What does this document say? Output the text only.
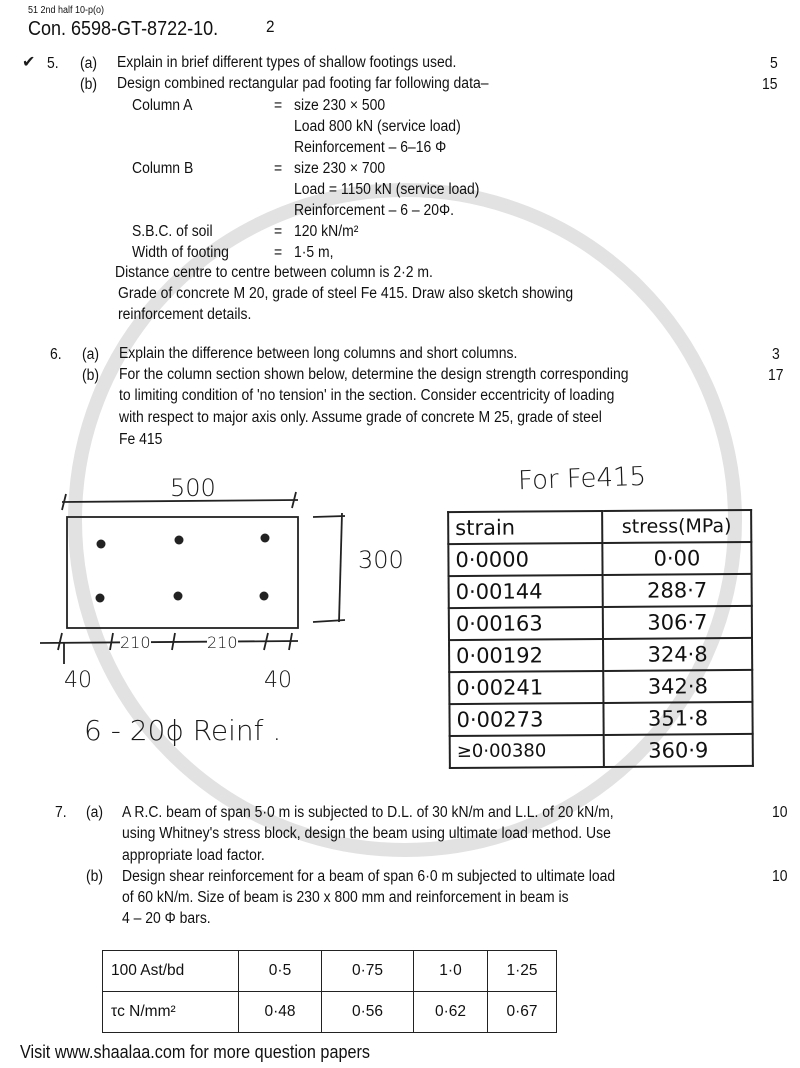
51 2nd half 10-p(o)
Con. 6598-GT-8722-10.	2
✔ 5. (a) Explain in brief different types of shallow footings used.	5
(b) Design combined rectangular pad footing far following data–	15
Column A	= size 230 × 500
Load 800 kN (service load)
Reinforcement – 6–16 Φ
Column B	= size 230 × 700
Load = 1150 kN (service load)
Reinforcement – 6 – 20Φ.
S.B.C. of soil	= 120 kN/m²
Width of footing	= 1·5 m,
Distance centre to centre between column is 2·2 m.
Grade of concrete M 20, grade of steel Fe 415. Draw also sketch showing
reinforcement details.
6. (a) Explain the difference between long columns and short columns.	3
(b) For the column section shown below, determine the design strength corresponding
to limiting condition of 'no tension' in the section. Consider eccentricity of loading
with respect to major axis only. Assume grade of concrete M 25, grade of steel
Fe 415
17
500
300
210	210
40	40
6 - 20ϕ Reinf .
For Fe415
strain	stress(MPa)
0·0000	0·00
0·00144	288·7
0·00163	306·7
0·00192	324·8
0·00241	342·8
0·00273	351·8
≥0·00380	360·9
7. (a) A R.C. beam of span 5·0 m is subjected to D.L. of 30 kN/m and L.L. of 20 kN/m,
using Whitney's stress block, design the beam using ultimate load method. Use
appropriate load factor.
10
(b) Design shear reinforcement for a beam of span 6·0 m subjected to ultimate load
of 60 kN/m. Size of beam is 230 x 800 mm and reinforcement in beam is
4 – 20 Φ bars.
10
100 Ast/bd	0·5	0·75	1·0	1·25
τc N/mm²	0·48	0·56	0·62	0·67
Visit www.shaalaa.com for more question papers
